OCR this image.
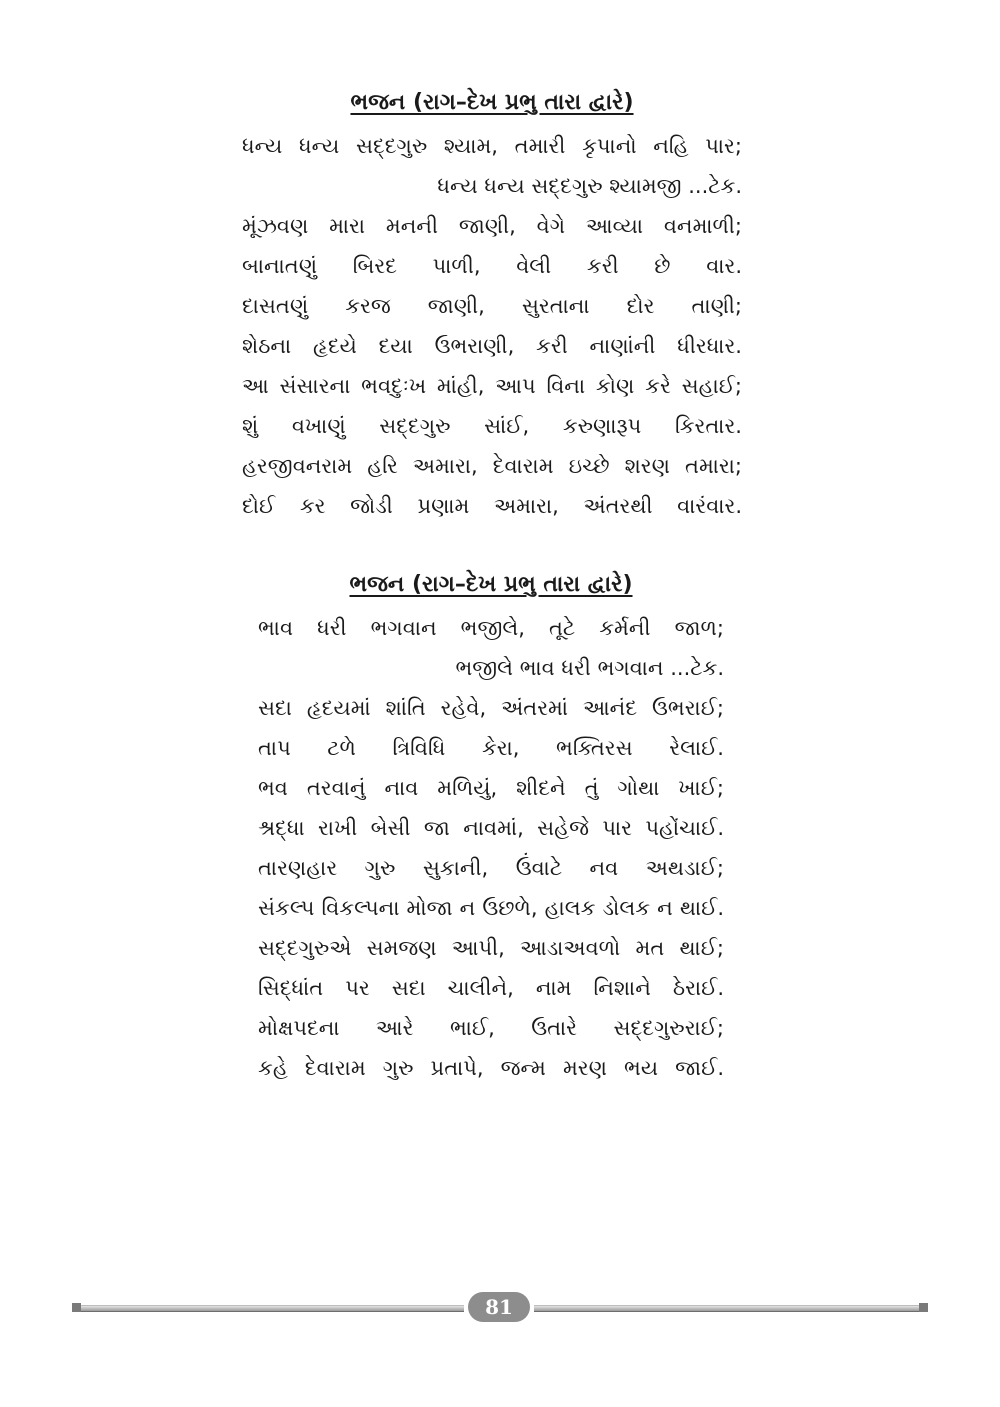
ભજન (રાગ–દેખ પ્રભુ તારા દ્વારે)
ધન્ય ધન્ય સદ્દગુરુ શ્યામ, તમારી કૃપાનો નહિ પાર;
ધન્ય ધન્ય સદ્દગુરુ શ્યામજી ...ટેક.
મૂંઝવણ મારા મનની જાણી, વેગે આવ્યા વનમાળી;
બાનાતણું બિરદ પાળી, વેલી કરી છે વાર.
દાસતણું કરજ જાણી, સુરતાના દોર તાણી;
શેઠના હૃદયે દયા ઉભરાણી, કરી નાણાંની ધીરધાર.
આ સંસારના ભવદુઃખ માંહી, આપ વિના કોણ કરે સહાઈ;
શું વખાણું સદ્દગુરુ સાંઈ, કરુણારૂપ કિરતાર.
હરજીવનરામ હરિ અમારા, દેવારામ ઇચ્છે શરણ તમારા;
દોઈ કર જોડી પ્રણામ અમારા, અંતરથી વારંવાર.
ભજન (રાગ–દેખ પ્રભુ તારા દ્વારે)
ભાવ ધરી ભગવાન ભજીલે, તૂટે કર્મની જાળ;
ભજીલે ભાવ ધરી ભગવાન ...ટેક.
સદા હૃદયમાં શાંતિ રહેવે, અંતરમાં આનંદ ઉભરાઈ;
તાપ ટળે ત્રિવિધિ કેરા, ભક્તિરસ રેલાઈ.
ભવ તરવાનું નાવ મળિયું, શીદને તું ગોથા ખાઈ;
શ્રદ્ધા રાખી બેસી જા નાવમાં, સહેજે પાર પહોંચાઈ.
તારણહાર ગુરુ સુકાની, ઉંવાટે નવ અથડાઈ;
સંકલ્પ વિકલ્પના મોજા ન ઉછળે, હાલક ડોલક ન થાઈ.
સદ્દગુરુએ સમજણ આપી, આડાઅવળો મત થાઈ;
સિદ્ધાંત પર સદા ચાલીને, નામ નિશાને ઠેરાઈ.
મોક્ષપદના આરે ભાઈ, ઉતારે સદ્દગુરુરાઈ;
કહે દેવારામ ગુરુ પ્રતાપે, જન્મ મરણ ભય જાઈ.
81
